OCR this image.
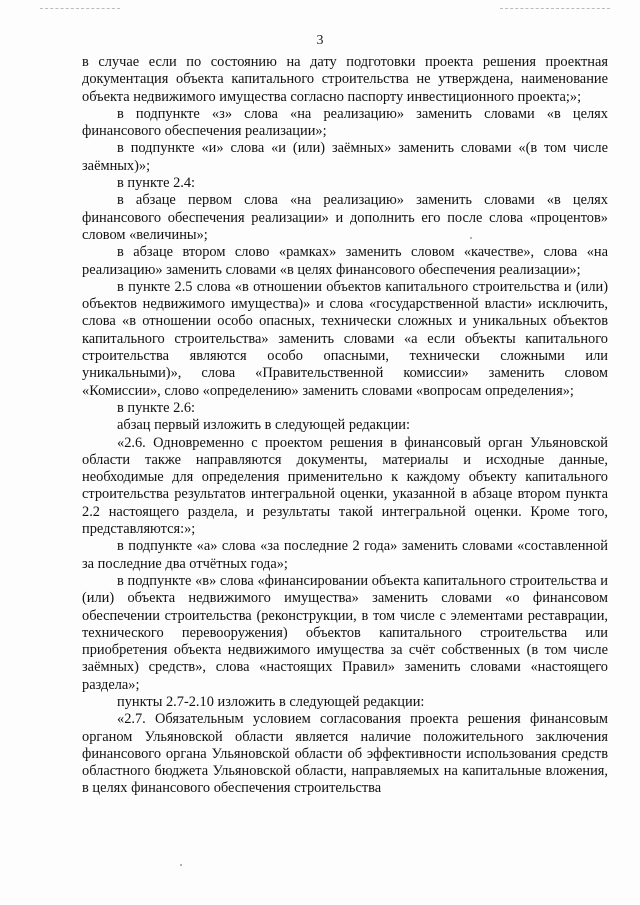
3

в случае если по состоянию на дату подготовки проекта решения проектная документация объекта капитального строительства не утверждена, наименование объекта недвижимого имущества согласно паспорту инвестиционного проекта;»;

в подпункте «з» слова «на реализацию» заменить словами «в целях финансового обеспечения реализации»;

в подпункте «и» слова «и (или) заёмных» заменить словами «(в том числе заёмных)»;

в пункте 2.4:

в абзаце первом слова «на реализацию» заменить словами «в целях финансового обеспечения реализации» и дополнить его после слова «процентов» словом «величины»;

в абзаце втором слово «рамках» заменить словом «качестве», слова «на реализацию» заменить словами «в целях финансового обеспечения реализации»;

в пункте 2.5 слова «в отношении объектов капитального строительства и (или) объектов недвижимого имущества)» и слова «государственной власти» исключить, слова «в отношении особо опасных, технически сложных и уникальных объектов капитального строительства» заменить словами «а если объекты капитального строительства являются особо опасными, технически сложными или уникальными)», слова «Правительственной комиссии» заменить словом «Комиссии», слово «определению» заменить словами «вопросам определения»;

в пункте 2.6:

абзац первый изложить в следующей редакции:

«2.6. Одновременно с проектом решения в финансовый орган Ульяновской области также направляются документы, материалы и исходные данные, необходимые для определения применительно к каждому объекту капитального строительства результатов интегральной оценки, указанной в абзаце втором пункта 2.2 настоящего раздела, и результаты такой интегральной оценки. Кроме того, представляются:»;

в подпункте «а» слова «за последние 2 года» заменить словами «составленной за последние два отчётных года»;

в подпункте «в» слова «финансировании объекта капитального строительства и (или) объекта недвижимого имущества» заменить словами «о финансовом обеспечении строительства (реконструкции, в том числе с элементами реставрации, технического перевооружения) объектов капитального строительства или приобретения объекта недвижимого имущества за счёт собственных (в том числе заёмных) средств», слова «настоящих Правил» заменить словами «настоящего раздела»;

пункты 2.7-2.10 изложить в следующей редакции:

«2.7. Обязательным условием согласования проекта решения финансовым органом Ульяновской области является наличие положительного заключения финансового органа Ульяновской области об эффективности использования средств областного бюджета Ульяновской области, направляемых на капитальные вложения, в целях финансового обеспечения строительства
